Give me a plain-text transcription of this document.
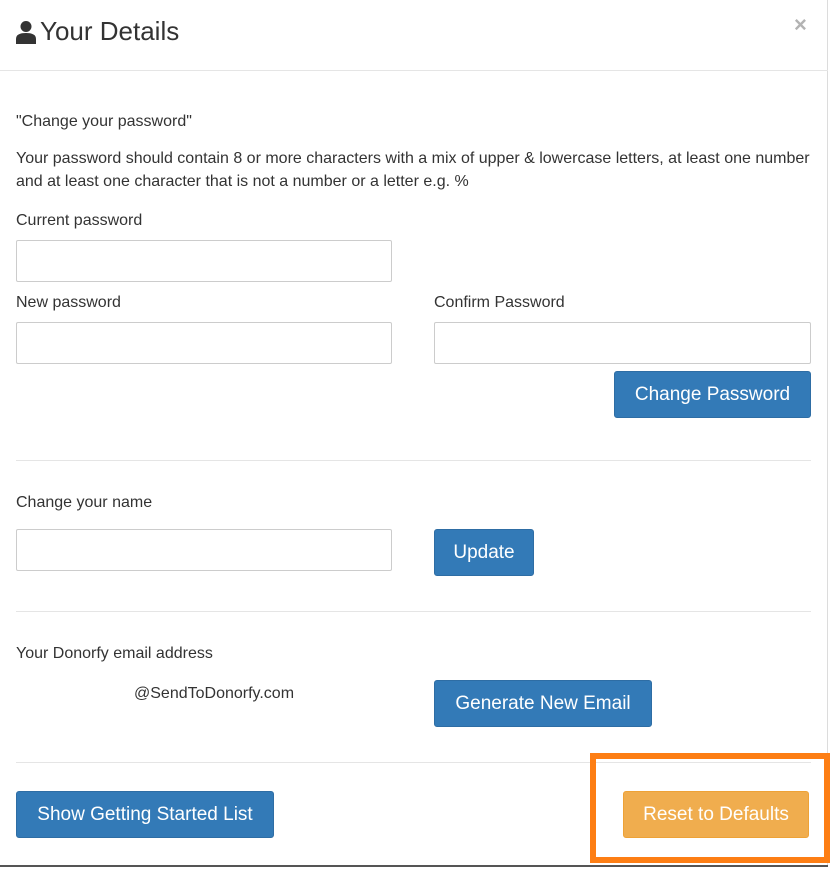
Your Details	×
"Change your password"
Your password should contain 8 or more characters with a mix of upper & lowercase letters, at least one number and at least one character that is not a number or a letter e.g. %
Current password
New password	Confirm Password
Change Password
Change your name
Update
Your Donorfy email address
@SendToDonorfy.com	Generate New Email
Show Getting Started List	Reset to Defaults
